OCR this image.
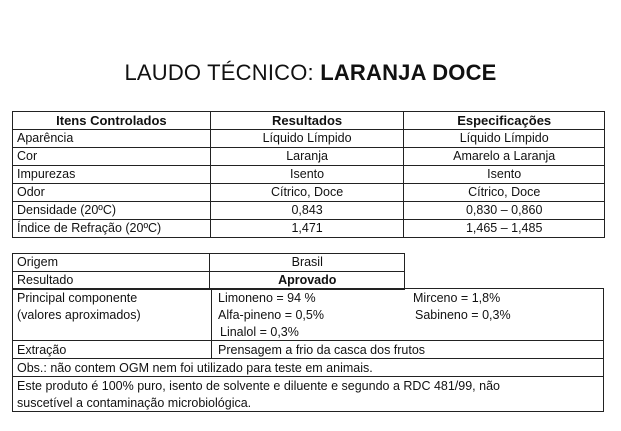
LAUDO TÉCNICO: LARANJA DOCE
Itens Controlados	Resultados	Especificações
Aparência	Líquido Límpido	Líquido Límpido
Cor	Laranja	Amarelo a Laranja
Impurezas	Isento	Isento
Odor	Cítrico, Doce	Cítrico, Doce
Densidade (20ºC)	0,843	0,830 – 0,860
Índice de Refração (20ºC)	1,471	1,465 – 1,485
Origem	Brasil
Resultado	Aprovado
Principal componente
(valores aproximados)
Limoneno = 94 %	Mirceno = 1,8%
Alfa-pineno = 0,5%	Sabineno = 0,3%
Linalol = 0,3%
Extração	Prensagem a frio da casca dos frutos
Obs.: não contem OGM nem foi utilizado para teste em animais.
Este produto é 100% puro, isento de solvente e diluente e segundo a RDC 481/99, não
suscetível a contaminação microbiológica.
